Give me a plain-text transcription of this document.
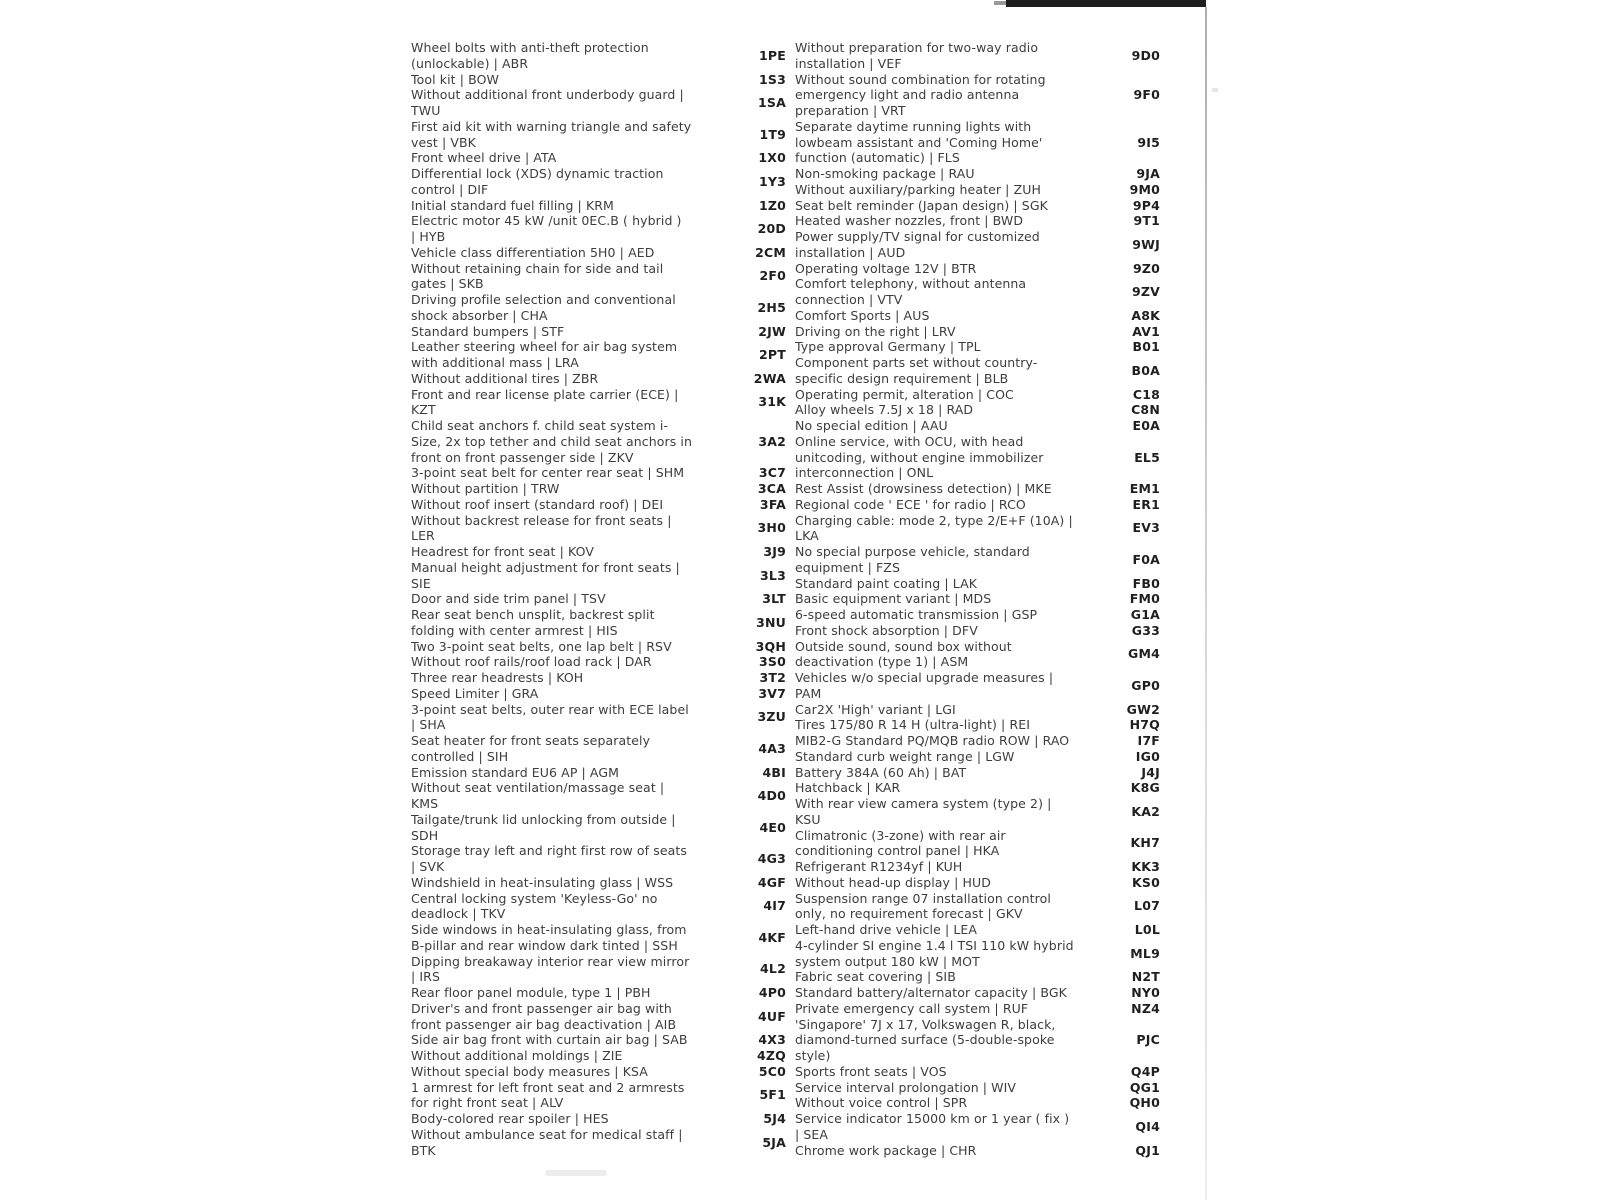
Wheel bolts with anti-theft protection
(unlockable) | ABR
Tool kit | BOW
Without additional front underbody guard |
TWU
First aid kit with warning triangle and safety
vest | VBK
Front wheel drive | ATA
Differential lock (XDS) dynamic traction
control | DIF
Initial standard fuel filling | KRM
Electric motor 45 kW /unit 0EC.B ( hybrid )
| HYB
Vehicle class differentiation 5H0 | AED
Without retaining chain for side and tail
gates | SKB
Driving profile selection and conventional
shock absorber | CHA
Standard bumpers | STF
Leather steering wheel for air bag system
with additional mass | LRA
Without additional tires | ZBR
Front and rear license plate carrier (ECE) |
KZT
Child seat anchors f. child seat system i-
Size, 2x top tether and child seat anchors in
front on front passenger side | ZKV
3-point seat belt for center rear seat | SHM
Without partition | TRW
Without roof insert (standard roof) | DEI
Without backrest release for front seats |
LER
Headrest for front seat | KOV
Manual height adjustment for front seats |
SIE
Door and side trim panel | TSV
Rear seat bench unsplit, backrest split
folding with center armrest | HIS
Two 3-point seat belts, one lap belt | RSV
Without roof rails/roof load rack | DAR
Three rear headrests | KOH
Speed Limiter | GRA
3-point seat belts, outer rear with ECE label
| SHA
Seat heater for front seats separately
controlled | SIH
Emission standard EU6 AP | AGM
Without seat ventilation/massage seat |
KMS
Tailgate/trunk lid unlocking from outside |
SDH
Storage tray left and right first row of seats
| SVK
Windshield in heat-insulating glass | WSS
Central locking system 'Keyless-Go' no
deadlock | TKV
Side windows in heat-insulating glass, from
B-pillar and rear window dark tinted | SSH
Dipping breakaway interior rear view mirror
| IRS
Rear floor panel module, type 1 | PBH
Driver's and front passenger air bag with
front passenger air bag deactivation | AIB
Side air bag front with curtain air bag | SAB
Without additional moldings | ZIE
Without special body measures | KSA
1 armrest for left front seat and 2 armrests
for right front seat | ALV
Body-colored rear spoiler | HES
Without ambulance seat for medical staff |
BTK
1PE
1S3
1SA
1T9
1X0
1Y3
1Z0
20D
2CM
2F0
2H5
2JW
2PT
2WA
31K
3A2
3C7
3CA
3FA
3H0
3J9
3L3
3LT
3NU
3QH
3S0
3T2
3V7
3ZU
4A3
4BI
4D0
4E0
4G3
4GF
4I7
4KF
4L2
4P0
4UF
4X3
4ZQ
5C0
5F1
5J4
5JA
Without preparation for two-way radio
installation | VEF
Without sound combination for rotating
emergency light and radio antenna
preparation | VRT
Separate daytime running lights with
lowbeam assistant and 'Coming Home'
function (automatic) | FLS
Non-smoking package | RAU
Without auxiliary/parking heater | ZUH
Seat belt reminder (Japan design) | SGK
Heated washer nozzles, front | BWD
Power supply/TV signal for customized
installation | AUD
Operating voltage 12V | BTR
Comfort telephony, without antenna
connection | VTV
Comfort Sports | AUS
Driving on the right | LRV
Type approval Germany | TPL
Component parts set without country-
specific design requirement | BLB
Operating permit, alteration | COC
Alloy wheels 7.5J x 18 | RAD
No special edition | AAU
Online service, with OCU, with head
unitcoding, without engine immobilizer
interconnection | ONL
Rest Assist (drowsiness detection) | MKE
Regional code ' ECE ' for radio | RCO
Charging cable: mode 2, type 2/E+F (10A) |
LKA
No special purpose vehicle, standard
equipment | FZS
Standard paint coating | LAK
Basic equipment variant | MDS
6-speed automatic transmission | GSP
Front shock absorption | DFV
Outside sound, sound box without
deactivation (type 1) | ASM
Vehicles w/o special upgrade measures |
PAM
Car2X 'High' variant | LGI
Tires 175/80 R 14 H (ultra-light) | REI
MIB2-G Standard PQ/MQB radio ROW | RAO
Standard curb weight range | LGW
Battery 384A (60 Ah) | BAT
Hatchback | KAR
With rear view camera system (type 2) |
KSU
Climatronic (3-zone) with rear air
conditioning control panel | HKA
Refrigerant R1234yf | KUH
Without head-up display | HUD
Suspension range 07 installation control
only, no requirement forecast | GKV
Left-hand drive vehicle | LEA
4-cylinder SI engine 1.4 l TSI 110 kW hybrid
system output 180 kW | MOT
Fabric seat covering | SIB
Standard battery/alternator capacity | BGK
Private emergency call system | RUF
'Singapore' 7J x 17, Volkswagen R, black,
diamond-turned surface (5-double-spoke
style)
Sports front seats | VOS
Service interval prolongation | WIV
Without voice control | SPR
Service indicator 15000 km or 1 year ( fix )
| SEA
Chrome work package | CHR
9D0
9F0
9I5
9JA
9M0
9P4
9T1
9WJ
9Z0
9ZV
A8K
AV1
B01
B0A
C18
C8N
E0A
EL5
EM1
ER1
EV3
F0A
FB0
FM0
G1A
G33
GM4
GP0
GW2
H7Q
I7F
IG0
J4J
K8G
KA2
KH7
KK3
KS0
L07
L0L
ML9
N2T
NY0
NZ4
PJC
Q4P
QG1
QH0
QI4
QJ1
